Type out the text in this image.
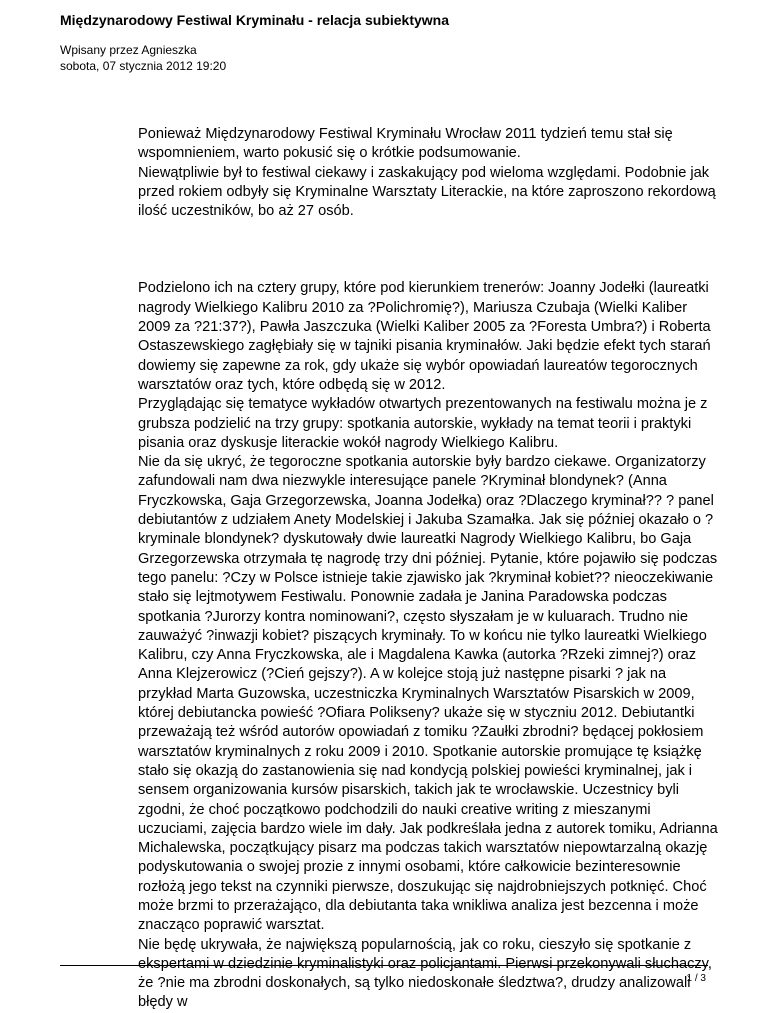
Międzynarodowy Festiwal Kryminału - relacja subiektywna
Wpisany przez Agnieszka
sobota, 07 stycznia 2012 19:20

Ponieważ Międzynarodowy Festiwal Kryminału Wrocław 2011 tydzień temu stał się wspomnieniem, warto pokusić się o krótkie podsumowanie.

Niewątpliwie był to festiwal ciekawy i zaskakujący pod wieloma względami. Podobnie jak przed rokiem odbyły się Kryminalne Warsztaty Literackie, na które zaproszono rekordową ilość uczestników, bo aż 27 osób.

Podzielono ich na cztery grupy, które pod kierunkiem trenerów: Joanny Jodełki (laureatki nagrody Wielkiego Kalibru 2010 za ?Polichromię?), Mariusza Czubaja (Wielki Kaliber 2009 za ?21:37?), Pawła Jaszczuka (Wielki Kaliber 2005 za ?Foresta Umbra?) i Roberta Ostaszewskiego zagłębiały się w tajniki pisania kryminałów. Jaki będzie efekt tych starań dowiemy się zapewne za rok, gdy ukaże się wybór opowiadań laureatów tegorocznych warsztatów oraz tych, które odbędą się w 2012.

Przyglądając się tematyce wykładów otwartych prezentowanych na festiwalu można je z grubsza podzielić na trzy grupy: spotkania autorskie, wykłady na temat teorii i praktyki pisania oraz dyskusje literackie wokół nagrody Wielkiego Kalibru.

Nie da się ukryć, że tegoroczne spotkania autorskie były bardzo ciekawe. Organizatorzy zafundowali nam dwa niezwykle interesujące panele ?Kryminał blondynek? (Anna Fryczkowska, Gaja Grzegorzewska, Joanna Jodełka) oraz ?Dlaczego kryminał?? ? panel debiutantów z udziałem Anety Modelskiej i Jakuba Szamałka. Jak się później okazało o ?kryminale blondynek? dyskutowały dwie laureatki Nagrody Wielkiego Kalibru, bo Gaja Grzegorzewska otrzymała tę nagrodę trzy dni później. Pytanie, które pojawiło się podczas tego panelu: ?Czy w Polsce istnieje takie zjawisko jak ?kryminał kobiet?? nieoczekiwanie stało się lejtmotywem Festiwalu. Ponownie zadała je Janina Paradowska podczas spotkania ?Jurorzy kontra nominowani?, często słyszałam je w kuluarach. Trudno nie zauważyć ?inwazji kobiet? piszących kryminały. To w końcu nie tylko laureatki Wielkiego Kalibru, czy Anna Fryczkowska, ale i Magdalena Kawka (autorka ?Rzeki zimnej?) oraz Anna Klejzerowicz (?Cień gejszy?). A w kolejce stoją już następne pisarki ? jak na przykład Marta Guzowska, uczestniczka Kryminalnych Warsztatów Pisarskich w 2009, której debiutancka powieść ?Ofiara Polikseny? ukaże się w styczniu 2012. Debiutantki przeważają też wśród autorów opowiadań z tomiku ?Zaułki zbrodni? będącej pokłosiem warsztatów kryminalnych z roku 2009 i 2010. Spotkanie autorskie promujące tę książkę stało się okazją do zastanowienia się nad kondycją polskiej powieści kryminalnej, jak i sensem organizowania kursów pisarskich, takich jak te wrocławskie. Uczestnicy byli zgodni, że choć początkowo podchodzili do nauki creative writing z mieszanymi uczuciami, zajęcia bardzo wiele im dały. Jak podkreślała jedna z autorek tomiku, Adrianna Michalewska, początkujący pisarz ma podczas takich warsztatów niepowtarzalną okazję podyskutowania o swojej prozie z innymi osobami, które całkowicie bezinteresownie rozłożą jego tekst na czynniki pierwsze, doszukując się najdrobniejszych potknięć. Choć może brzmi to przerażająco, dla debiutanta taka wnikliwa analiza jest bezcenna i może znacząco poprawić warsztat.

Nie będę ukrywała, że największą popularnością, jak co roku, cieszyło się spotkanie z ekspertami w dziedzinie kryminalistyki oraz policjantami. Pierwsi przekonywali słuchaczy, że ?nie ma zbrodni doskonałych, są tylko niedoskonałe śledztwa?, drudzy analizowali błędy w

1 / 3
